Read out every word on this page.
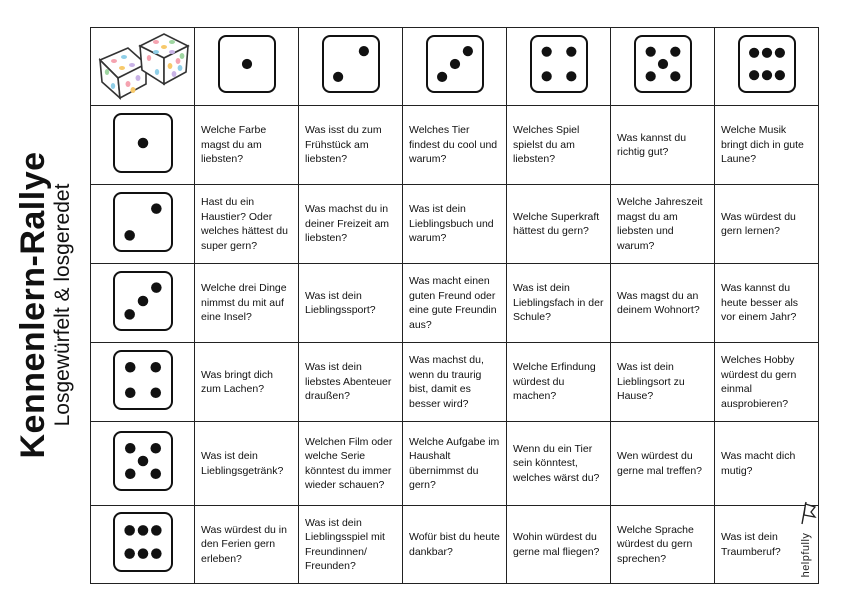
Kennenlern-Rallye Losgewürfelt & losgeredet

	Welche Farbe magst du am liebsten?	Was isst du zum Frühstück am liebsten?	Welches Tier findest du cool und warum?	Welches Spiel spielst du am liebsten?	Was kannst du richtig gut?	Welche Musik bringt dich in gute Laune?
	Hast du ein Haustier? Oder welches hättest du super gern?	Was machst du in deiner Freizeit am liebsten?	Was ist dein Lieblingsbuch und warum?	Welche Superkraft hättest du gern?	Welche Jahreszeit magst du am liebsten und warum?	Was würdest du gern lernen?
	Welche drei Dinge nimmst du mit auf eine Insel?	Was ist dein Lieblingssport?	Was macht einen guten Freund oder eine gute Freundin aus?	Was ist dein Lieblingsfach in der Schule?	Was magst du an deinem Wohnort?	Was kannst du heute besser als vor einem Jahr?
	Was bringt dich zum Lachen?	Was ist dein liebstes Abenteuer draußen?	Was machst du, wenn du traurig bist, damit es besser wird?	Welche Erfindung würdest du machen?	Was ist dein Lieblingsort zu Hause?	Welches Hobby würdest du gern einmal ausprobieren?
	Was ist dein Lieblingsgetränk?	Welchen Film oder welche Serie könntest du immer wieder schauen?	Welche Aufgabe im Haushalt übernimmst du gern?	Wenn du ein Tier sein könntest, welches wärst du?	Wen würdest du gerne mal treffen?	Was macht dich mutig?
	Was würdest du in den Ferien gern erleben?	Was ist dein Lieblingsspiel mit Freundinnen/ Freunden?	Wofür bist du heute dankbar?	Wohin würdest du gerne mal fliegen?	Welche Sprache würdest du gern sprechen?	Was ist dein Traumberuf? helpfully
